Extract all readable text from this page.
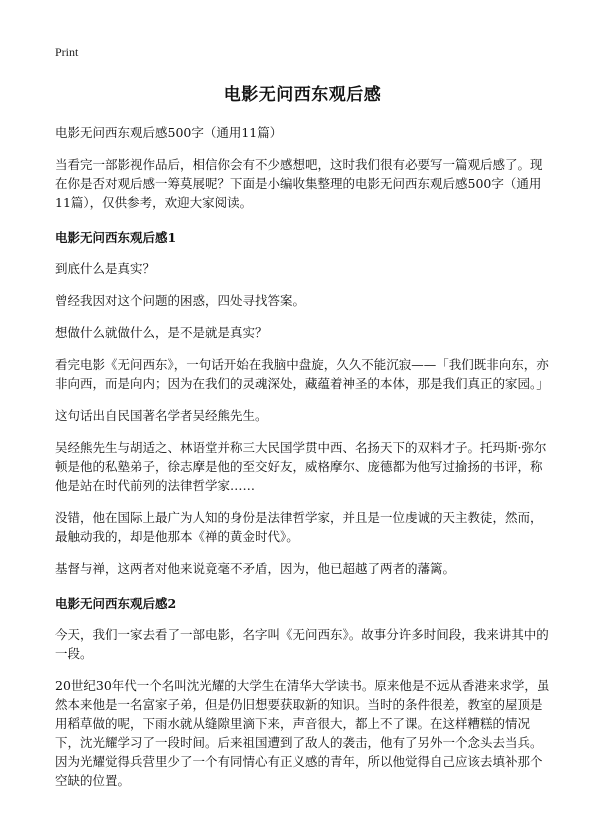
Print
电影无问西东观后感
电影无问西东观后感500字（通用11篇）

当看完一部影视作品后，相信你会有不少感想吧，这时我们很有必要写一篇观后感了。现在你是否对观后感一筹莫展呢？下面是小编收集整理的电影无问西东观后感500字（通用11篇），仅供参考，欢迎大家阅读。

电影无问西东观后感1

到底什么是真实？

曾经我因对这个问题的困惑，四处寻找答案。

想做什么就做什么，是不是就是真实？

看完电影《无问西东》，一句话开始在我脑中盘旋，久久不能沉寂——「我们既非向东，亦非向西，而是向内；因为在我们的灵魂深处，藏蕴着神圣的本体，那是我们真正的家园。」

这句话出自民国著名学者吴经熊先生。

吴经熊先生与胡适之、林语堂并称三大民国学贯中西、名扬天下的双料才子。托玛斯·弥尔顿是他的私塾弟子，徐志摩是他的至交好友，威格摩尔、庞德都为他写过揄扬的书评，称他是站在时代前列的法律哲学家……

没错，他在国际上最广为人知的身份是法律哲学家，并且是一位虔诚的天主教徒，然而，最触动我的，却是他那本《禅的黄金时代》。

基督与禅，这两者对他来说竟毫不矛盾，因为，他已超越了两者的藩篱。

电影无问西东观后感2

今天，我们一家去看了一部电影，名字叫《无问西东》。故事分许多时间段，我来讲其中的一段。

20世纪30年代一个名叫沈光耀的大学生在清华大学读书。原来他是不远从香港来求学，虽然本来他是一名富家子弟，但是仍旧想要获取新的知识。当时的条件很差，教室的屋顶是用稻草做的呢，下雨水就从缝隙里滴下来，声音很大，都上不了课。在这样糟糕的情况下，沈光耀学习了一段时间。后来祖国遭到了敌人的袭击，他有了另外一个念头去当兵。因为光耀觉得兵营里少了一个有同情心有正义感的青年，所以他觉得自己应该去填补那个空缺的位置。
